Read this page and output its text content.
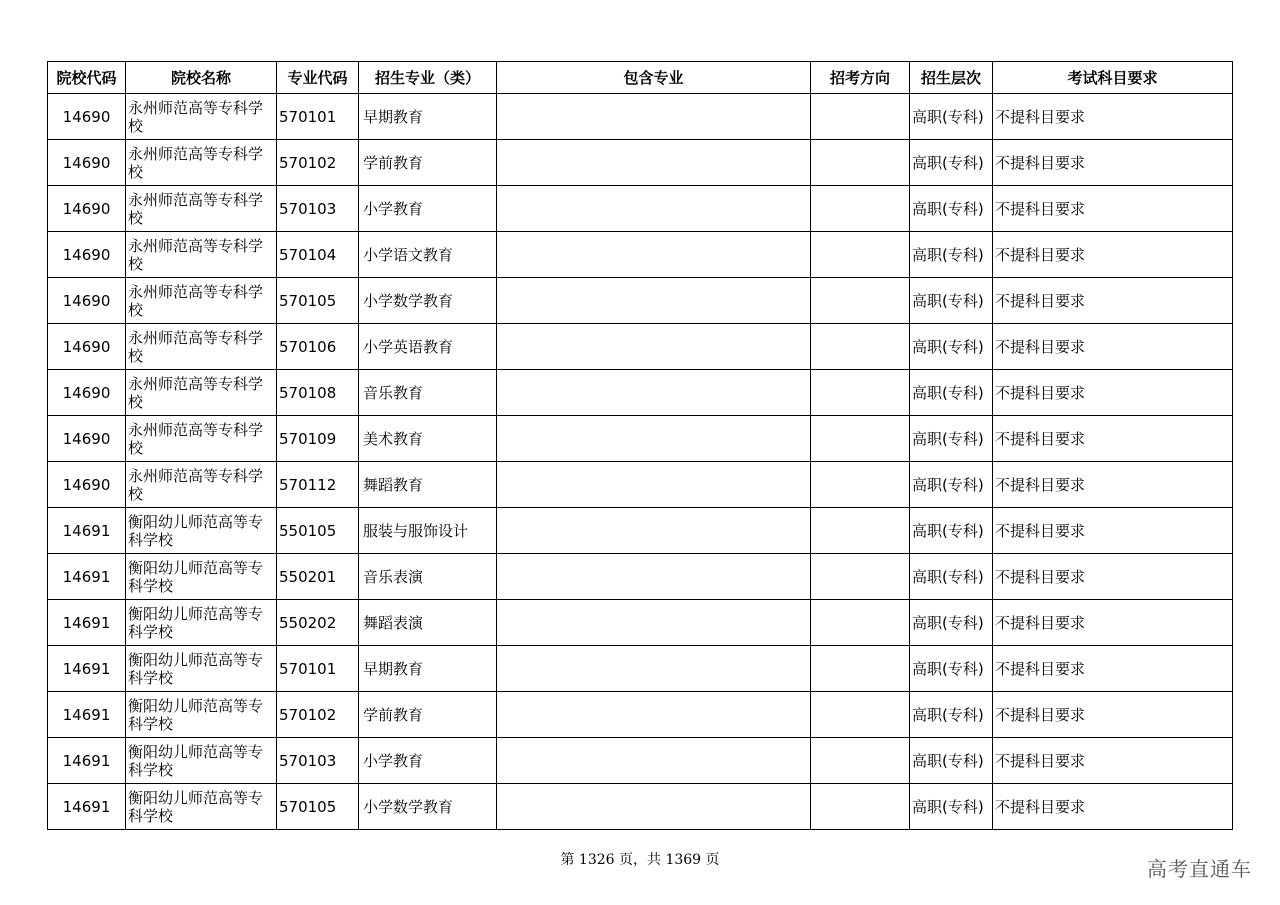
院校代码	院校名称	专业代码	招生专业（类）	包含专业	招考方向	招生层次	考试科目要求
14690	永州师范高等专科学校	570101	早期教育			高职(专科)	不提科目要求
14690	永州师范高等专科学校	570102	学前教育			高职(专科)	不提科目要求
14690	永州师范高等专科学校	570103	小学教育			高职(专科)	不提科目要求
14690	永州师范高等专科学校	570104	小学语文教育			高职(专科)	不提科目要求
14690	永州师范高等专科学校	570105	小学数学教育			高职(专科)	不提科目要求
14690	永州师范高等专科学校	570106	小学英语教育			高职(专科)	不提科目要求
14690	永州师范高等专科学校	570108	音乐教育			高职(专科)	不提科目要求
14690	永州师范高等专科学校	570109	美术教育			高职(专科)	不提科目要求
14690	永州师范高等专科学校	570112	舞蹈教育			高职(专科)	不提科目要求
14691	衡阳幼儿师范高等专科学校	550105	服装与服饰设计			高职(专科)	不提科目要求
14691	衡阳幼儿师范高等专科学校	550201	音乐表演			高职(专科)	不提科目要求
14691	衡阳幼儿师范高等专科学校	550202	舞蹈表演			高职(专科)	不提科目要求
14691	衡阳幼儿师范高等专科学校	570101	早期教育			高职(专科)	不提科目要求
14691	衡阳幼儿师范高等专科学校	570102	学前教育			高职(专科)	不提科目要求
14691	衡阳幼儿师范高等专科学校	570103	小学教育			高职(专科)	不提科目要求
14691	衡阳幼儿师范高等专科学校	570105	小学数学教育			高职(专科)	不提科目要求
第 1326 页，共 1369 页	高考直通车
